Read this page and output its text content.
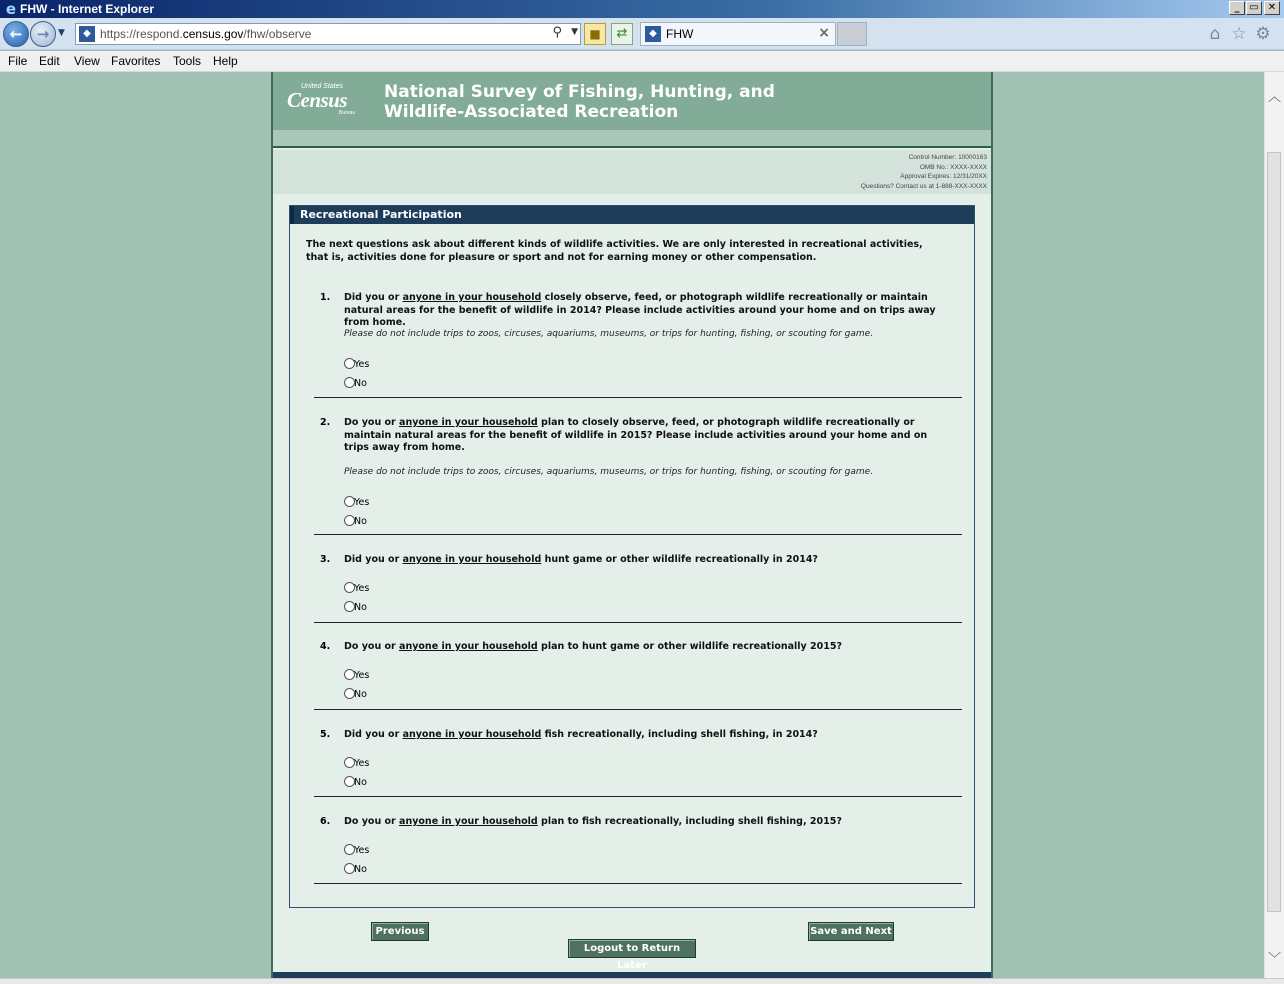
e FHW - Internet Explorer	_ ▭ ✕
← → ▼	◆ https://respond.census.gov/fhw/observe	⚲ ▼ ■	⇄	◆ FHW	×	⌂ ☆ ⚙
File Edit View Favorites Tools Help
United States
Census
Bureau
National Survey of Fishing, Hunting, and
Wildlife-Associated Recreation
Control Number: 10000163
OMB No.: XXXX-XXXX
Approval Expires: 12/31/20XX
Questions? Contact us at 1-888-XXX-XXXX
Recreational Participation
The next questions ask about different kinds of wildlife activities. We are only interested in recreational activities, that is, activities done for pleasure or sport and not for earning money or other compensation.
1. Did you or anyone in your household closely observe, feed, or photograph wildlife recreationally or maintain natural areas for the benefit of wildlife in 2014? Please include activities around your home and on trips away from home.
Please do not include trips to zoos, circuses, aquariums, museums, or trips for hunting, fishing, or scouting for game.
Yes
No
2. Do you or anyone in your household plan to closely observe, feed, or photograph wildlife recreationally or maintain natural areas for the benefit of wildlife in 2015? Please include activities around your home and on trips away from home.
Please do not include trips to zoos, circuses, aquariums, museums, or trips for hunting, fishing, or scouting for game.
Yes
No
3. Did you or anyone in your household hunt game or other wildlife recreationally in 2014?
Yes
No
4. Do you or anyone in your household plan to hunt game or other wildlife recreationally 2015?
Yes
No
5. Did you or anyone in your household fish recreationally, including shell fishing, in 2014?
Yes
No
6. Do you or anyone in your household plan to fish recreationally, including shell fishing, 2015?
Yes
No
Previous	Save and Next
Logout to Return Later
︿
﹀
